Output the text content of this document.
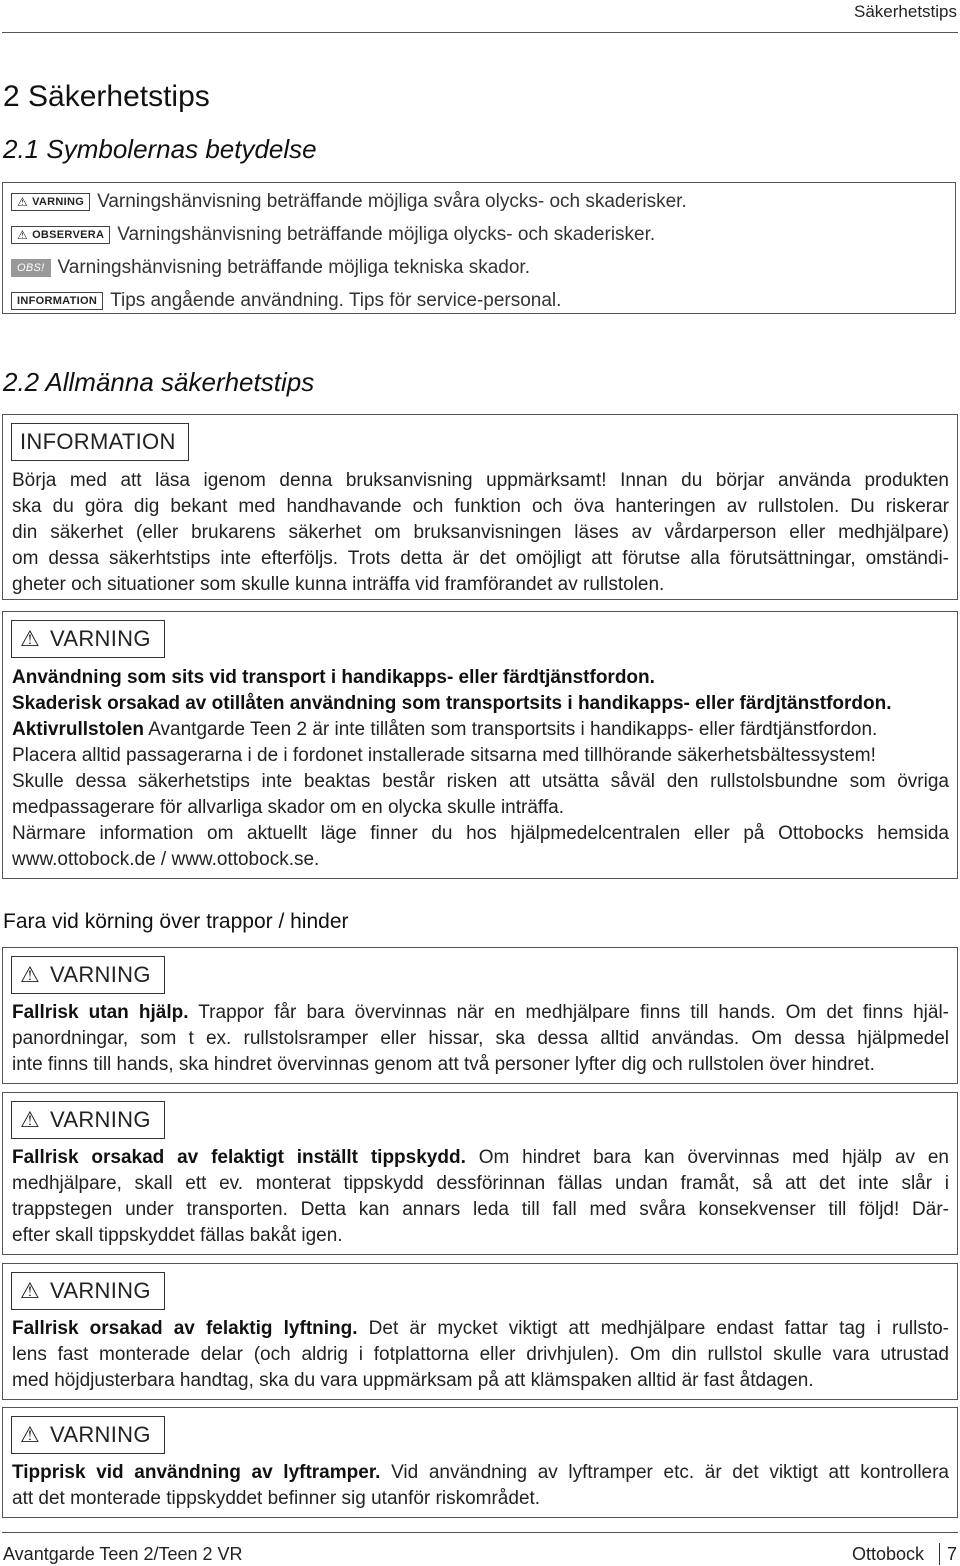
Säkerhetstips
2 Säkerhetstips
2.1 Symbolernas betydelse
⚠ VARNING Varningshänvisning beträffande möjliga svåra olycks- och skaderisker.
⚠ OBSERVERA Varningshänvisning beträffande möjliga olycks- och skaderisker.
OBS! Varningshänvisning beträffande möjliga tekniska skador.
INFORMATION Tips angående användning. Tips för service-personal.
2.2 Allmänna säkerhetstips
INFORMATION
Börja med att läsa igenom denna bruksanvisning uppmärksamt! Innan du börjar använda produkten
ska du göra dig bekant med handhavande och funktion och öva hanteringen av rullstolen. Du riskerar
din säkerhet (eller brukarens säkerhet om bruksanvisningen läses av vårdarperson eller medhjälpare)
om dessa säkerhtstips inte efterföljs. Trots detta är det omöjligt att förutse alla förutsättningar, omständi-
gheter och situationer som skulle kunna inträffa vid framförandet av rullstolen.
⚠ VARNING
Användning som sits vid transport i handikapps- eller färdtjänstfordon.
Skaderisk orsakad av otillåten användning som transportsits i handikapps- eller färdjtänstfordon.
Aktivrullstolen Avantgarde Teen 2 är inte tillåten som transportsits i handikapps- eller färdtjänstfordon.
Placera alltid passagerarna i de i fordonet installerade sitsarna med tillhörande säkerhetsbältessystem!
Skulle dessa säkerhetstips inte beaktas består risken att utsätta såväl den rullstolsbundne som övriga
medpassagerare för allvarliga skador om en olycka skulle inträffa.
Närmare information om aktuellt läge finner du hos hjälpmedelcentralen eller på Ottobocks hemsida
www.ottobock.de / www.ottobock.se.
Fara vid körning över trappor / hinder
⚠ VARNING
Fallrisk utan hjälp. Trappor får bara övervinnas när en medhjälpare finns till hands. Om det finns hjäl-
panordningar, som t ex. rullstolsramper eller hissar, ska dessa alltid användas. Om dessa hjälpmedel
inte finns till hands, ska hindret övervinnas genom att två personer lyfter dig och rullstolen över hindret.
⚠ VARNING
Fallrisk orsakad av felaktigt inställt tippskydd. Om hindret bara kan övervinnas med hjälp av en
medhjälpare, skall ett ev. monterat tippskydd dessförinnan fällas undan framåt, så att det inte slår i
trappstegen under transporten. Detta kan annars leda till fall med svåra konsekvenser till följd! Där-
efter skall tippskyddet fällas bakåt igen.
⚠ VARNING
Fallrisk orsakad av felaktig lyftning. Det är mycket viktigt att medhjälpare endast fattar tag i rullsto-
lens fast monterade delar (och aldrig i fotplattorna eller drivhjulen). Om din rullstol skulle vara utrustad
med höjdjusterbara handtag, ska du vara uppmärksam på att klämspaken alltid är fast åtdagen.
⚠ VARNING
Tipprisk vid användning av lyftramper. Vid användning av lyftramper etc. är det viktigt att kontrollera
att det monterade tippskyddet befinner sig utanför riskområdet.
Avantgarde Teen 2/Teen 2 VR	Ottobock 7
